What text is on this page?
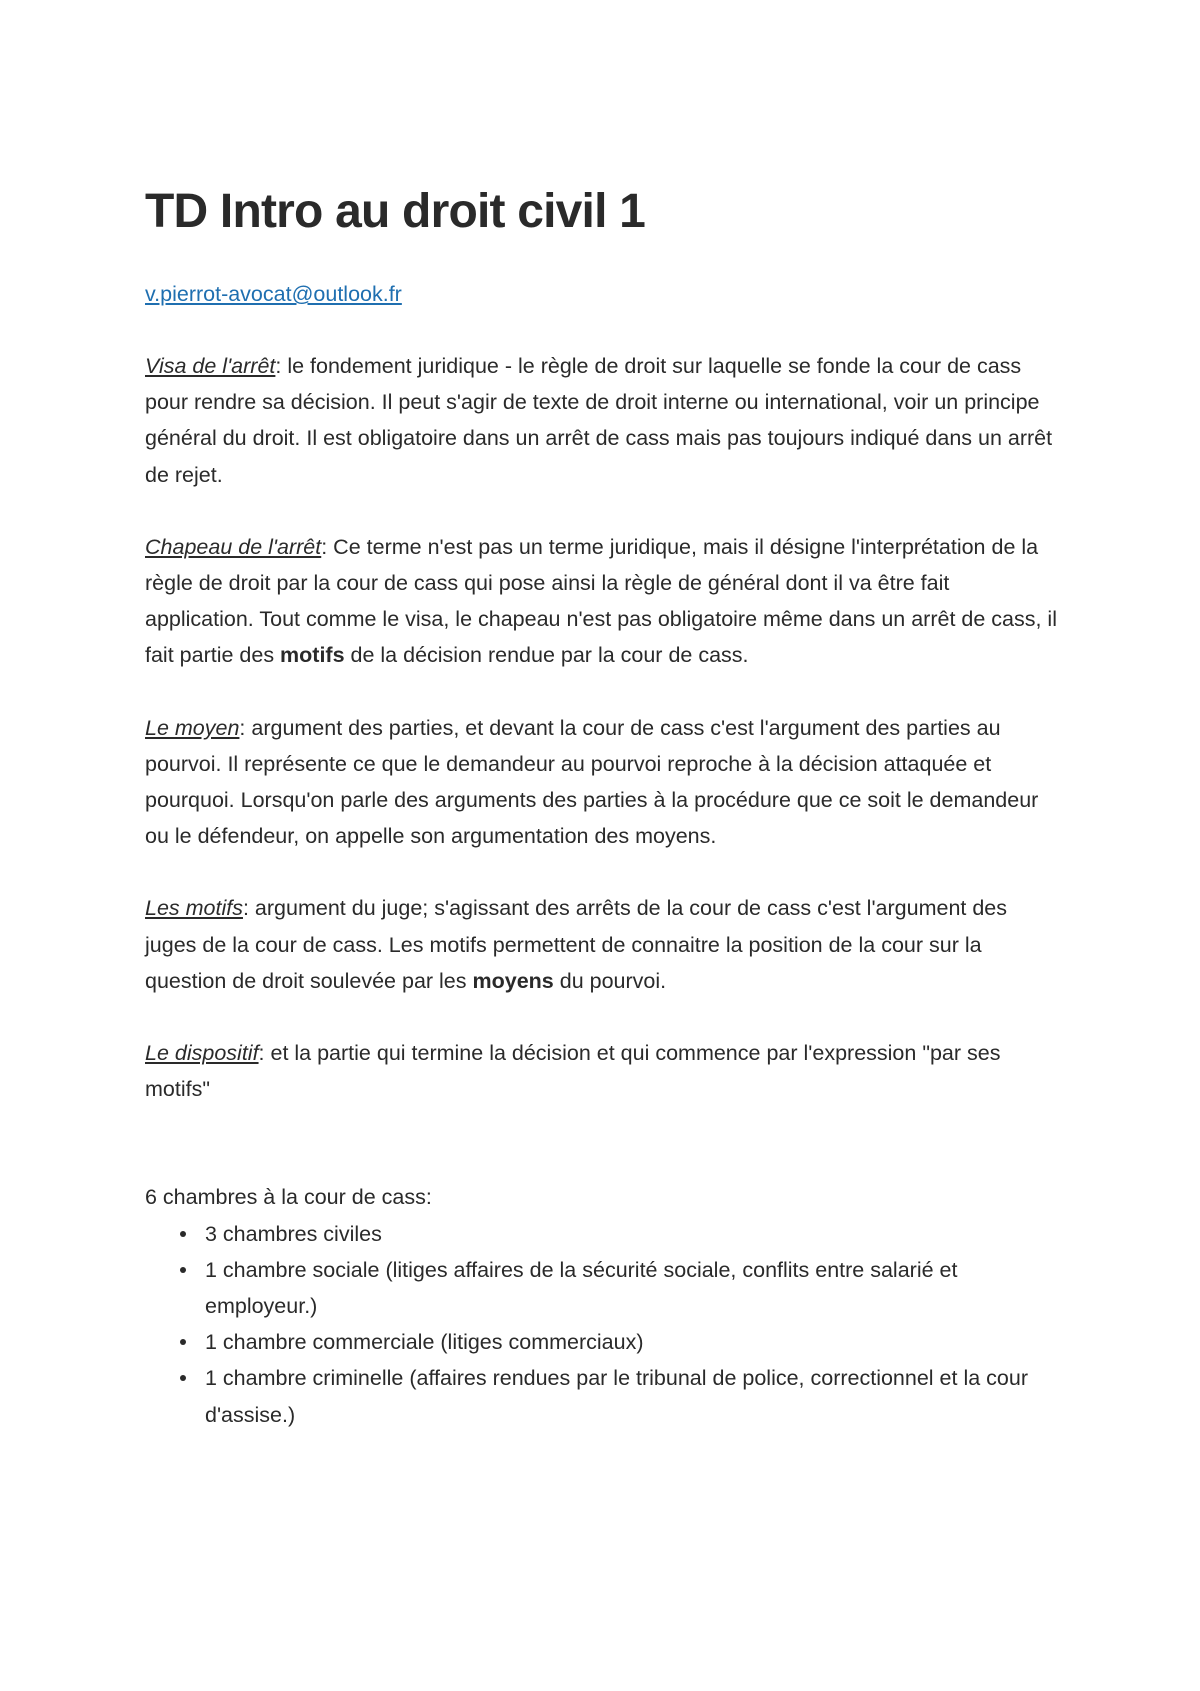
TD Intro au droit civil 1
v.pierrot-avocat@outlook.fr

Visa de l'arrêt: le fondement juridique - le règle de droit sur laquelle se fonde la cour de cass pour rendre sa décision. Il peut s'agir de texte de droit interne ou international, voir un principe général du droit. Il est obligatoire dans un arrêt de cass mais pas toujours indiqué dans un arrêt de rejet.

Chapeau de l'arrêt: Ce terme n'est pas un terme juridique, mais il désigne l'interprétation de la règle de droit par la cour de cass qui pose ainsi la règle de général dont il va être fait application. Tout comme le visa, le chapeau n'est pas obligatoire même dans un arrêt de cass, il fait partie des motifs de la décision rendue par la cour de cass.

Le moyen: argument des parties, et devant la cour de cass c'est l'argument des parties au pourvoi. Il représente ce que le demandeur au pourvoi reproche à la décision attaquée et pourquoi. Lorsqu'on parle des arguments des parties à la procédure que ce soit le demandeur ou le défendeur, on appelle son argumentation des moyens.

Les motifs: argument du juge; s'agissant des arrêts de la cour de cass c'est l'argument des juges de la cour de cass. Les motifs permettent de connaitre la position de la cour sur la question de droit soulevée par les moyens du pourvoi.

Le dispositif: et la partie qui termine la décision et qui commence par l'expression "par ses motifs"

6 chambres à la cour de cass:

3 chambres civiles
1 chambre sociale (litiges affaires de la sécurité sociale, conflits entre salarié et employeur.)
1 chambre commerciale (litiges commerciaux)
1 chambre criminelle (affaires rendues par le tribunal de police, correctionnel et la cour d'assise.)
